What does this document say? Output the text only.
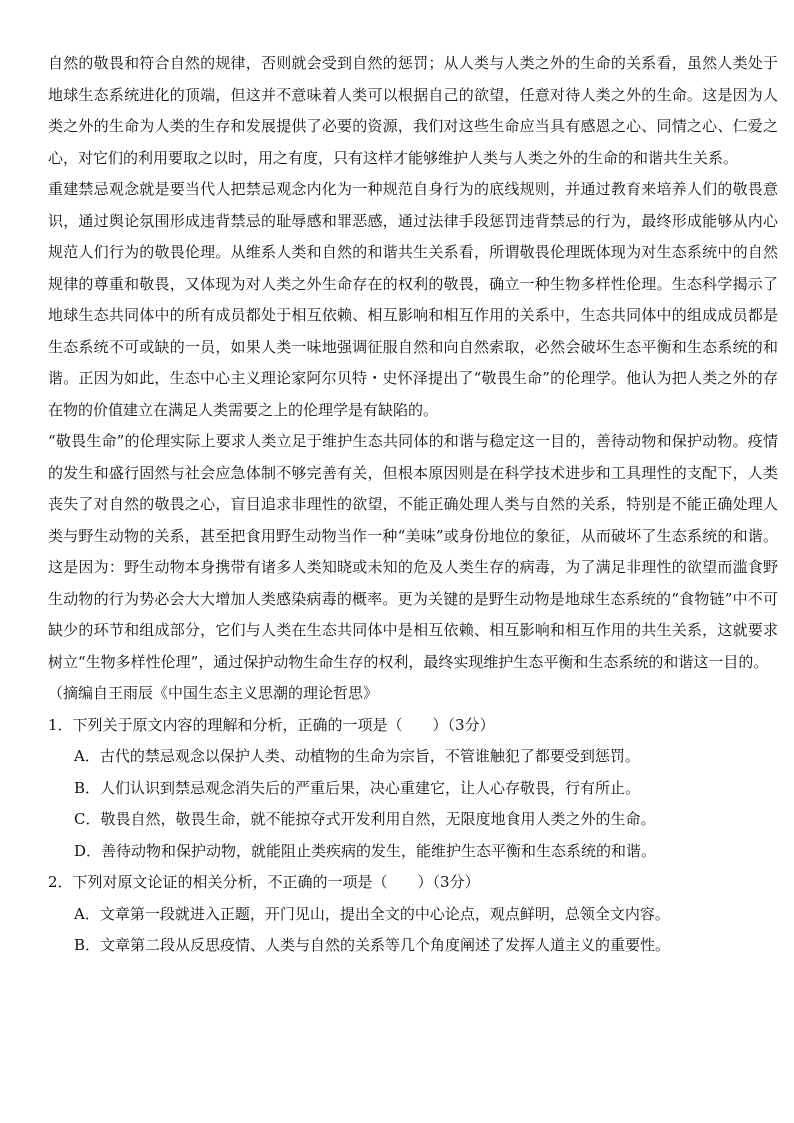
自然的敬畏和符合自然的规律，否则就会受到自然的惩罚；从人类与人类之外的生命的关系看，虽然人类处于地球生态系统进化的顶端，但这并不意味着人类可以根据自己的欲望，任意对待人类之外的生命。这是因为人类之外的生命为人类的生存和发展提供了必要的资源，我们对这些生命应当具有感恩之心、同情之心、仁爱之心，对它们的利用要取之以时，用之有度，只有这样才能够维护人类与人类之外的生命的和谐共生关系。

重建禁忌观念就是要当代人把禁忌观念内化为一种规范自身行为的底线规则，并通过教育来培养人们的敬畏意识，通过舆论氛围形成违背禁忌的耻辱感和罪恶感，通过法律手段惩罚违背禁忌的行为，最终形成能够从内心规范人们行为的敬畏伦理。从维系人类和自然的和谐共生关系看，所谓敬畏伦理既体现为对生态系统中的自然规律的尊重和敬畏，又体现为对人类之外生命存在的权利的敬畏，确立一种生物多样性伦理。生态科学揭示了地球生态共同体中的所有成员都处于相互依赖、相互影响和相互作用的关系中，生态共同体中的组成成员都是生态系统不可或缺的一员，如果人类一味地强调征服自然和向自然索取，必然会破坏生态平衡和生态系统的和谐。正因为如此，生态中心主义理论家阿尔贝特・史怀泽提出了“敬畏生命”的伦理学。他认为把人类之外的存在物的价值建立在满足人类需要之上的伦理学是有缺陷的。

“敬畏生命”的伦理实际上要求人类立足于维护生态共同体的和谐与稳定这一目的，善待动物和保护动物。疫情的发生和盛行固然与社会应急体制不够完善有关，但根本原因则是在科学技术进步和工具理性的支配下，人类丧失了对自然的敬畏之心，盲目追求非理性的欲望，不能正确处理人类与自然的关系，特别是不能正确处理人类与野生动物的关系，甚至把食用野生动物当作一种“美味”或身份地位的象征，从而破坏了生态系统的和谐。这是因为：野生动物本身携带有诸多人类知晓或未知的危及人类生存的病毒，为了满足非理性的欲望而滥食野生动物的行为势必会大大增加人类感染病毒的概率。更为关键的是野生动物是地球生态系统的“食物链”中不可缺少的环节和组成部分，它们与人类在生态共同体中是相互依赖、相互影响和相互作用的共生关系，这就要求树立“生物多样性伦理”，通过保护动物生命生存的权利，最终实现维护生态平衡和生态系统的和谐这一目的。

（摘编自王雨辰《中国生态主义思潮的理论哲思》

1．下列关于原文内容的理解和分析，正确的一项是（　　）（3分）

A．古代的禁忌观念以保护人类、动植物的生命为宗旨，不管谁触犯了都要受到惩罚。

B．人们认识到禁忌观念消失后的严重后果，决心重建它，让人心存敬畏，行有所止。

C．敬畏自然，敬畏生命，就不能掠夺式开发利用自然，无限度地食用人类之外的生命。

D．善待动物和保护动物，就能阻止类疾病的发生，能维护生态平衡和生态系统的和谐。

2．下列对原文论证的相关分析，不正确的一项是（　　）（3分）

A．文章第一段就进入正题，开门见山，提出全文的中心论点，观点鲜明，总领全文内容。

B．文章第二段从反思疫情、人类与自然的关系等几个角度阐述了发挥人道主义的重要性。
